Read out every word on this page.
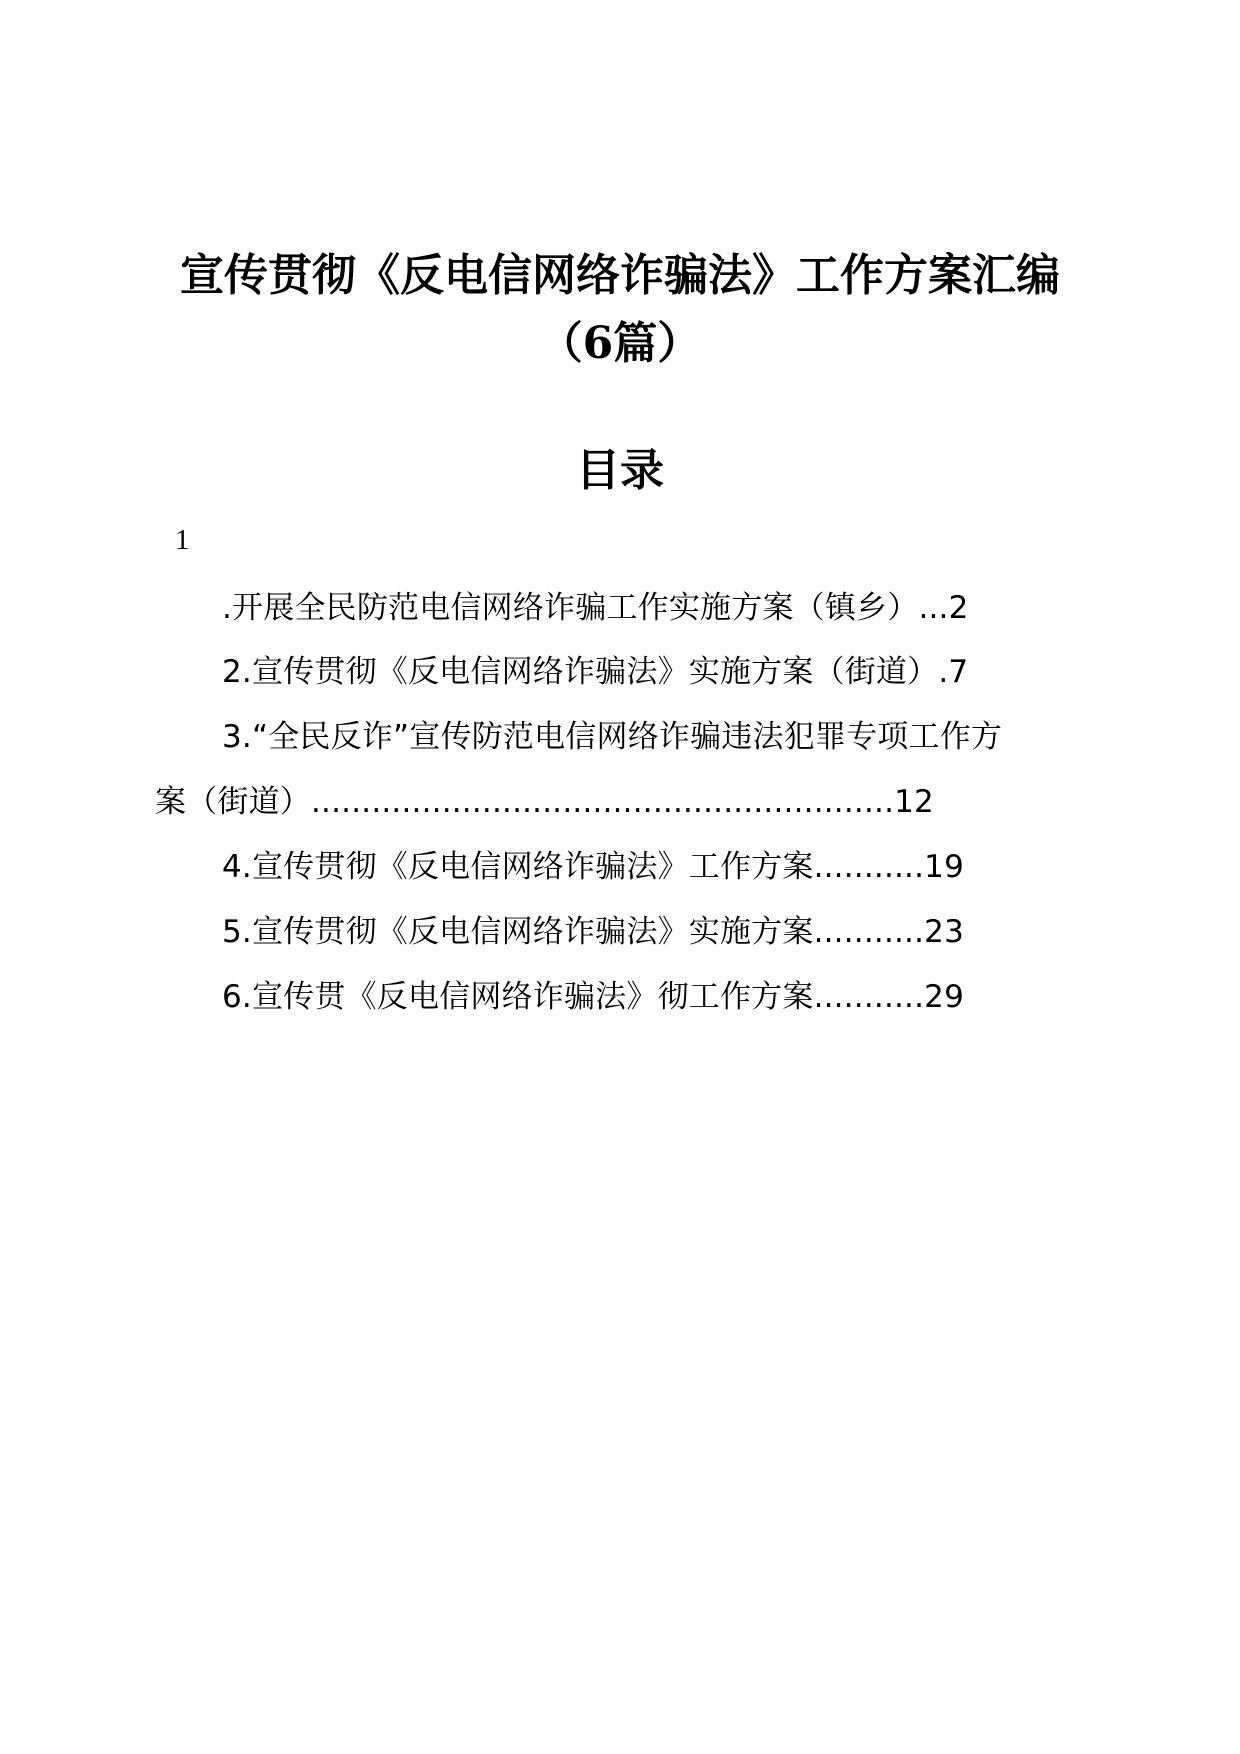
宣传贯彻《反电信网络诈骗法》工作方案汇编
（6篇）
目录
1
.开展全民防范电信网络诈骗工作实施方案（镇乡）...2
2.宣传贯彻《反电信网络诈骗法》实施方案（街道）.7
3.“全民反诈”宣传防范电信网络诈骗违法犯罪专项工作方
案（街道）..........................................................12
4.宣传贯彻《反电信网络诈骗法》工作方案...........19
5.宣传贯彻《反电信网络诈骗法》实施方案...........23
6.宣传贯《反电信网络诈骗法》彻工作方案...........29
